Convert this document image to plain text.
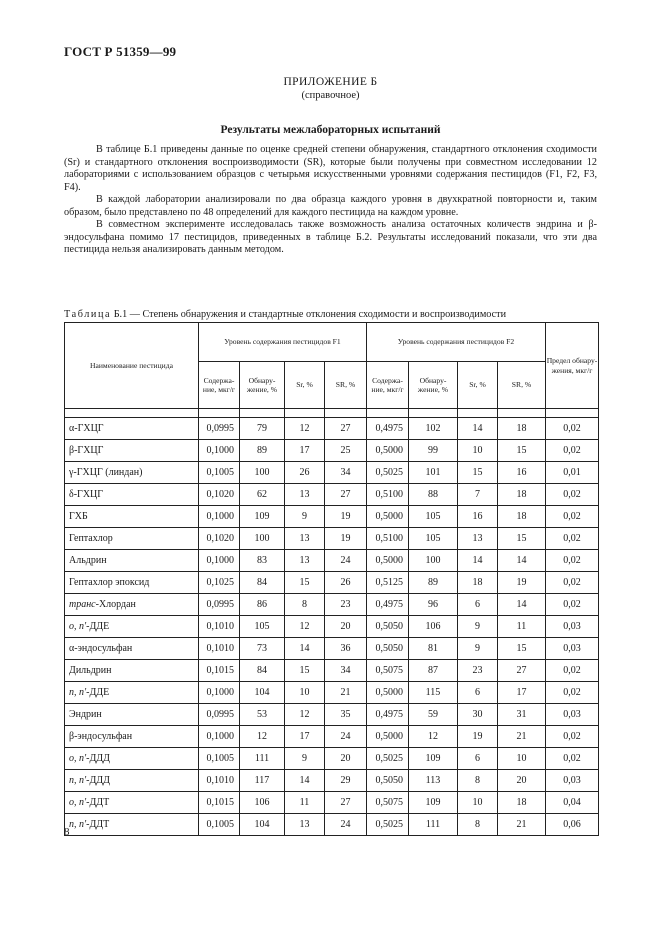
ГОСТ Р 51359—99
ПРИЛОЖЕНИЕ Б
(справочное)
Результаты межлабораторных испытаний

В таблице Б.1 приведены данные по оценке средней степени обнаружения, стандартного отклонения сходимости (Sr) и стандартного отклонения воспроизводимости (SR), которые были получены при совместном исследовании 12 лабораториями с использованием образцов с четырьмя искусственными уровнями содержания пестицидов (F1, F2, F3, F4).

В каждой лаборатории анализировали по два образца каждого уровня в двухкратной повторности и, таким образом, было представлено по 48 определений для каждого пестицида на каждом уровне.

В совместном эксперименте исследовалась также возможность анализа остаточных количеств эндрина и β-эндосульфана помимо 17 пестицидов, приведенных в таблице Б.2. Результаты исследований показали, что эти два пестицида нельзя анализировать данным методом.

Таблица Б.1 — Степень обнаружения и стандартные отклонения сходимости и воспроизводимости
Наименование пестицида	Уровень содержания пестицидов F1				Уровень содержания пестицидов F2				Предел обнару-жения, мкг/г
	Содержа-ние, мкг/г	Обнару-жение, %	Sr, %	SR, %	Содержа-ние, мкг/г	Обнару-жение, %	Sr, %	SR, %	

α-ГХЦГ	0,0995	79	12	27	0,4975	102	14	18	0,02
β-ГХЦГ	0,1000	89	17	25	0,5000	99	10	15	0,02
γ-ГХЦГ (линдан)	0,1005	100	26	34	0,5025	101	15	16	0,01
δ-ГХЦГ	0,1020	62	13	27	0,5100	88	7	18	0,02
ГХБ	0,1000	109	9	19	0,5000	105	16	18	0,02
Гептахлор	0,1020	100	13	19	0,5100	105	13	15	0,02
Альдрин	0,1000	83	13	24	0,5000	100	14	14	0,02
Гептахлор эпоксид	0,1025	84	15	26	0,5125	89	18	19	0,02
транс-Хлордан	0,0995	86	8	23	0,4975	96	6	14	0,02
о, п'-ДДЕ	0,1010	105	12	20	0,5050	106	9	11	0,03
α-эндосульфан	0,1010	73	14	36	0,5050	81	9	15	0,03
Дильдрин	0,1015	84	15	34	0,5075	87	23	27	0,02
п, п'-ДДЕ	0,1000	104	10	21	0,5000	115	6	17	0,02
Эндрин	0,0995	53	12	35	0,4975	59	30	31	0,03
β-эндосульфан	0,1000	12	17	24	0,5000	12	19	21	0,02
о, п'-ДДД	0,1005	111	9	20	0,5025	109	6	10	0,02
п, п'-ДДД	0,1010	117	14	29	0,5050	113	8	20	0,03
о, п'-ДДТ	0,1015	106	11	27	0,5075	109	10	18	0,04
п, п'-ДДТ	0,1005	104	13	24	0,5025	111	8	21	0,06
8
